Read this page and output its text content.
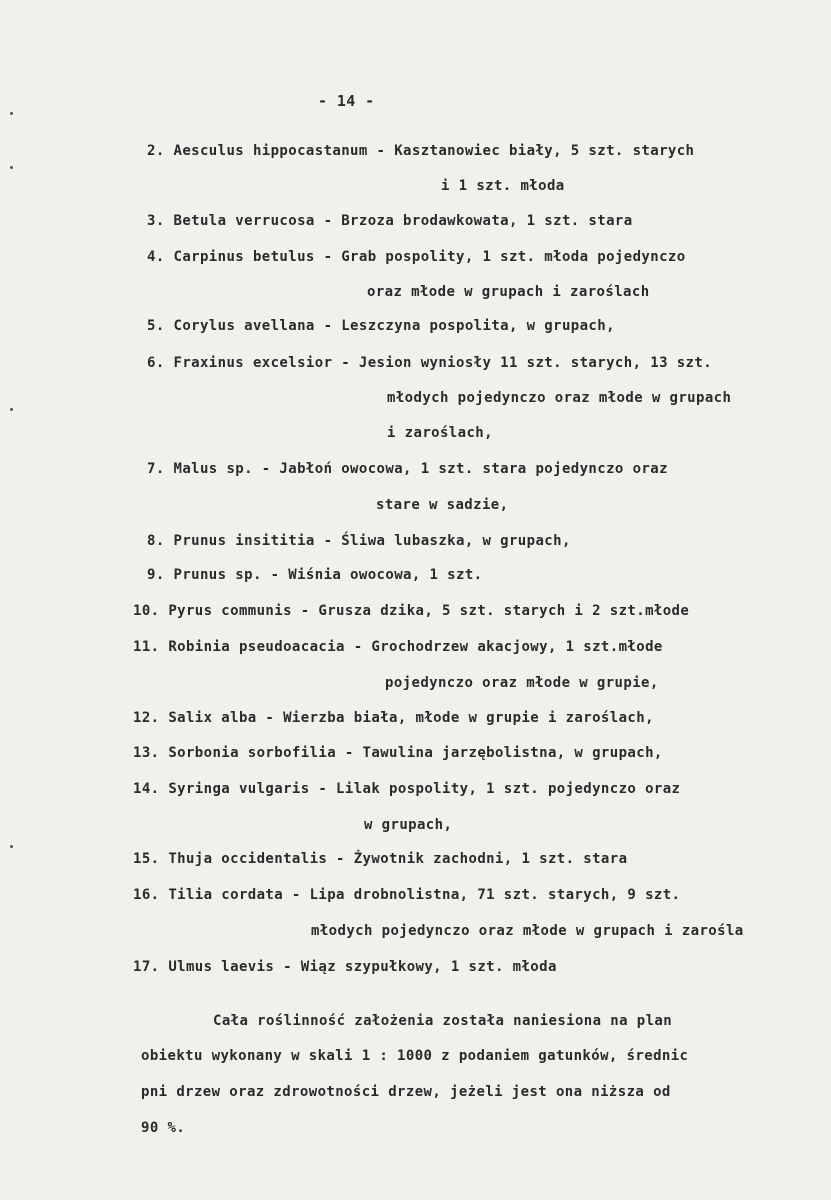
- 14 -

2. Aesculus hippocastanum - Kasztanowiec biały, 5 szt. starych

i 1 szt. młoda

3. Betula verrucosa - Brzoza brodawkowata, 1 szt. stara

4. Carpinus betulus - Grab pospolity, 1 szt. młoda pojedynczo

oraz młode w grupach i zaroślach

5. Corylus avellana - Leszczyna pospolita, w grupach,

6. Fraxinus excelsior - Jesion wyniosły 11 szt. starych, 13 szt.

młodych pojedynczo oraz młode w grupach

i zaroślach,

7. Malus sp. - Jabłoń owocowa, 1 szt. stara pojedynczo oraz

stare w sadzie,

8. Prunus insititia - Śliwa lubaszka, w grupach,

9. Prunus sp. - Wiśnia owocowa, 1 szt.

10. Pyrus communis - Grusza dzika, 5 szt. starych i 2 szt.młode

11. Robinia pseudoacacia - Grochodrzew akacjowy, 1 szt.młode

pojedynczo oraz młode w grupie,

12. Salix alba - Wierzba biała, młode w grupie i zaroślach,

13. Sorbonia sorbofilia - Tawulina jarzębolistna, w grupach,

14. Syringa vulgaris - Lilak pospolity, 1 szt. pojedynczo oraz

w grupach,

15. Thuja occidentalis - Żywotnik zachodni, 1 szt. stara

16. Tilia cordata - Lipa drobnolistna, 71 szt. starych, 9 szt.

młodych pojedynczo oraz młode w grupach i zarośla

17. Ulmus laevis - Wiąz szypułkowy, 1 szt. młoda

Cała roślinność założenia została naniesiona na plan

obiektu wykonany w skali 1 : 1000 z podaniem gatunków, średnic

pni drzew oraz zdrowotności drzew, jeżeli jest ona niższa od

90 %.
